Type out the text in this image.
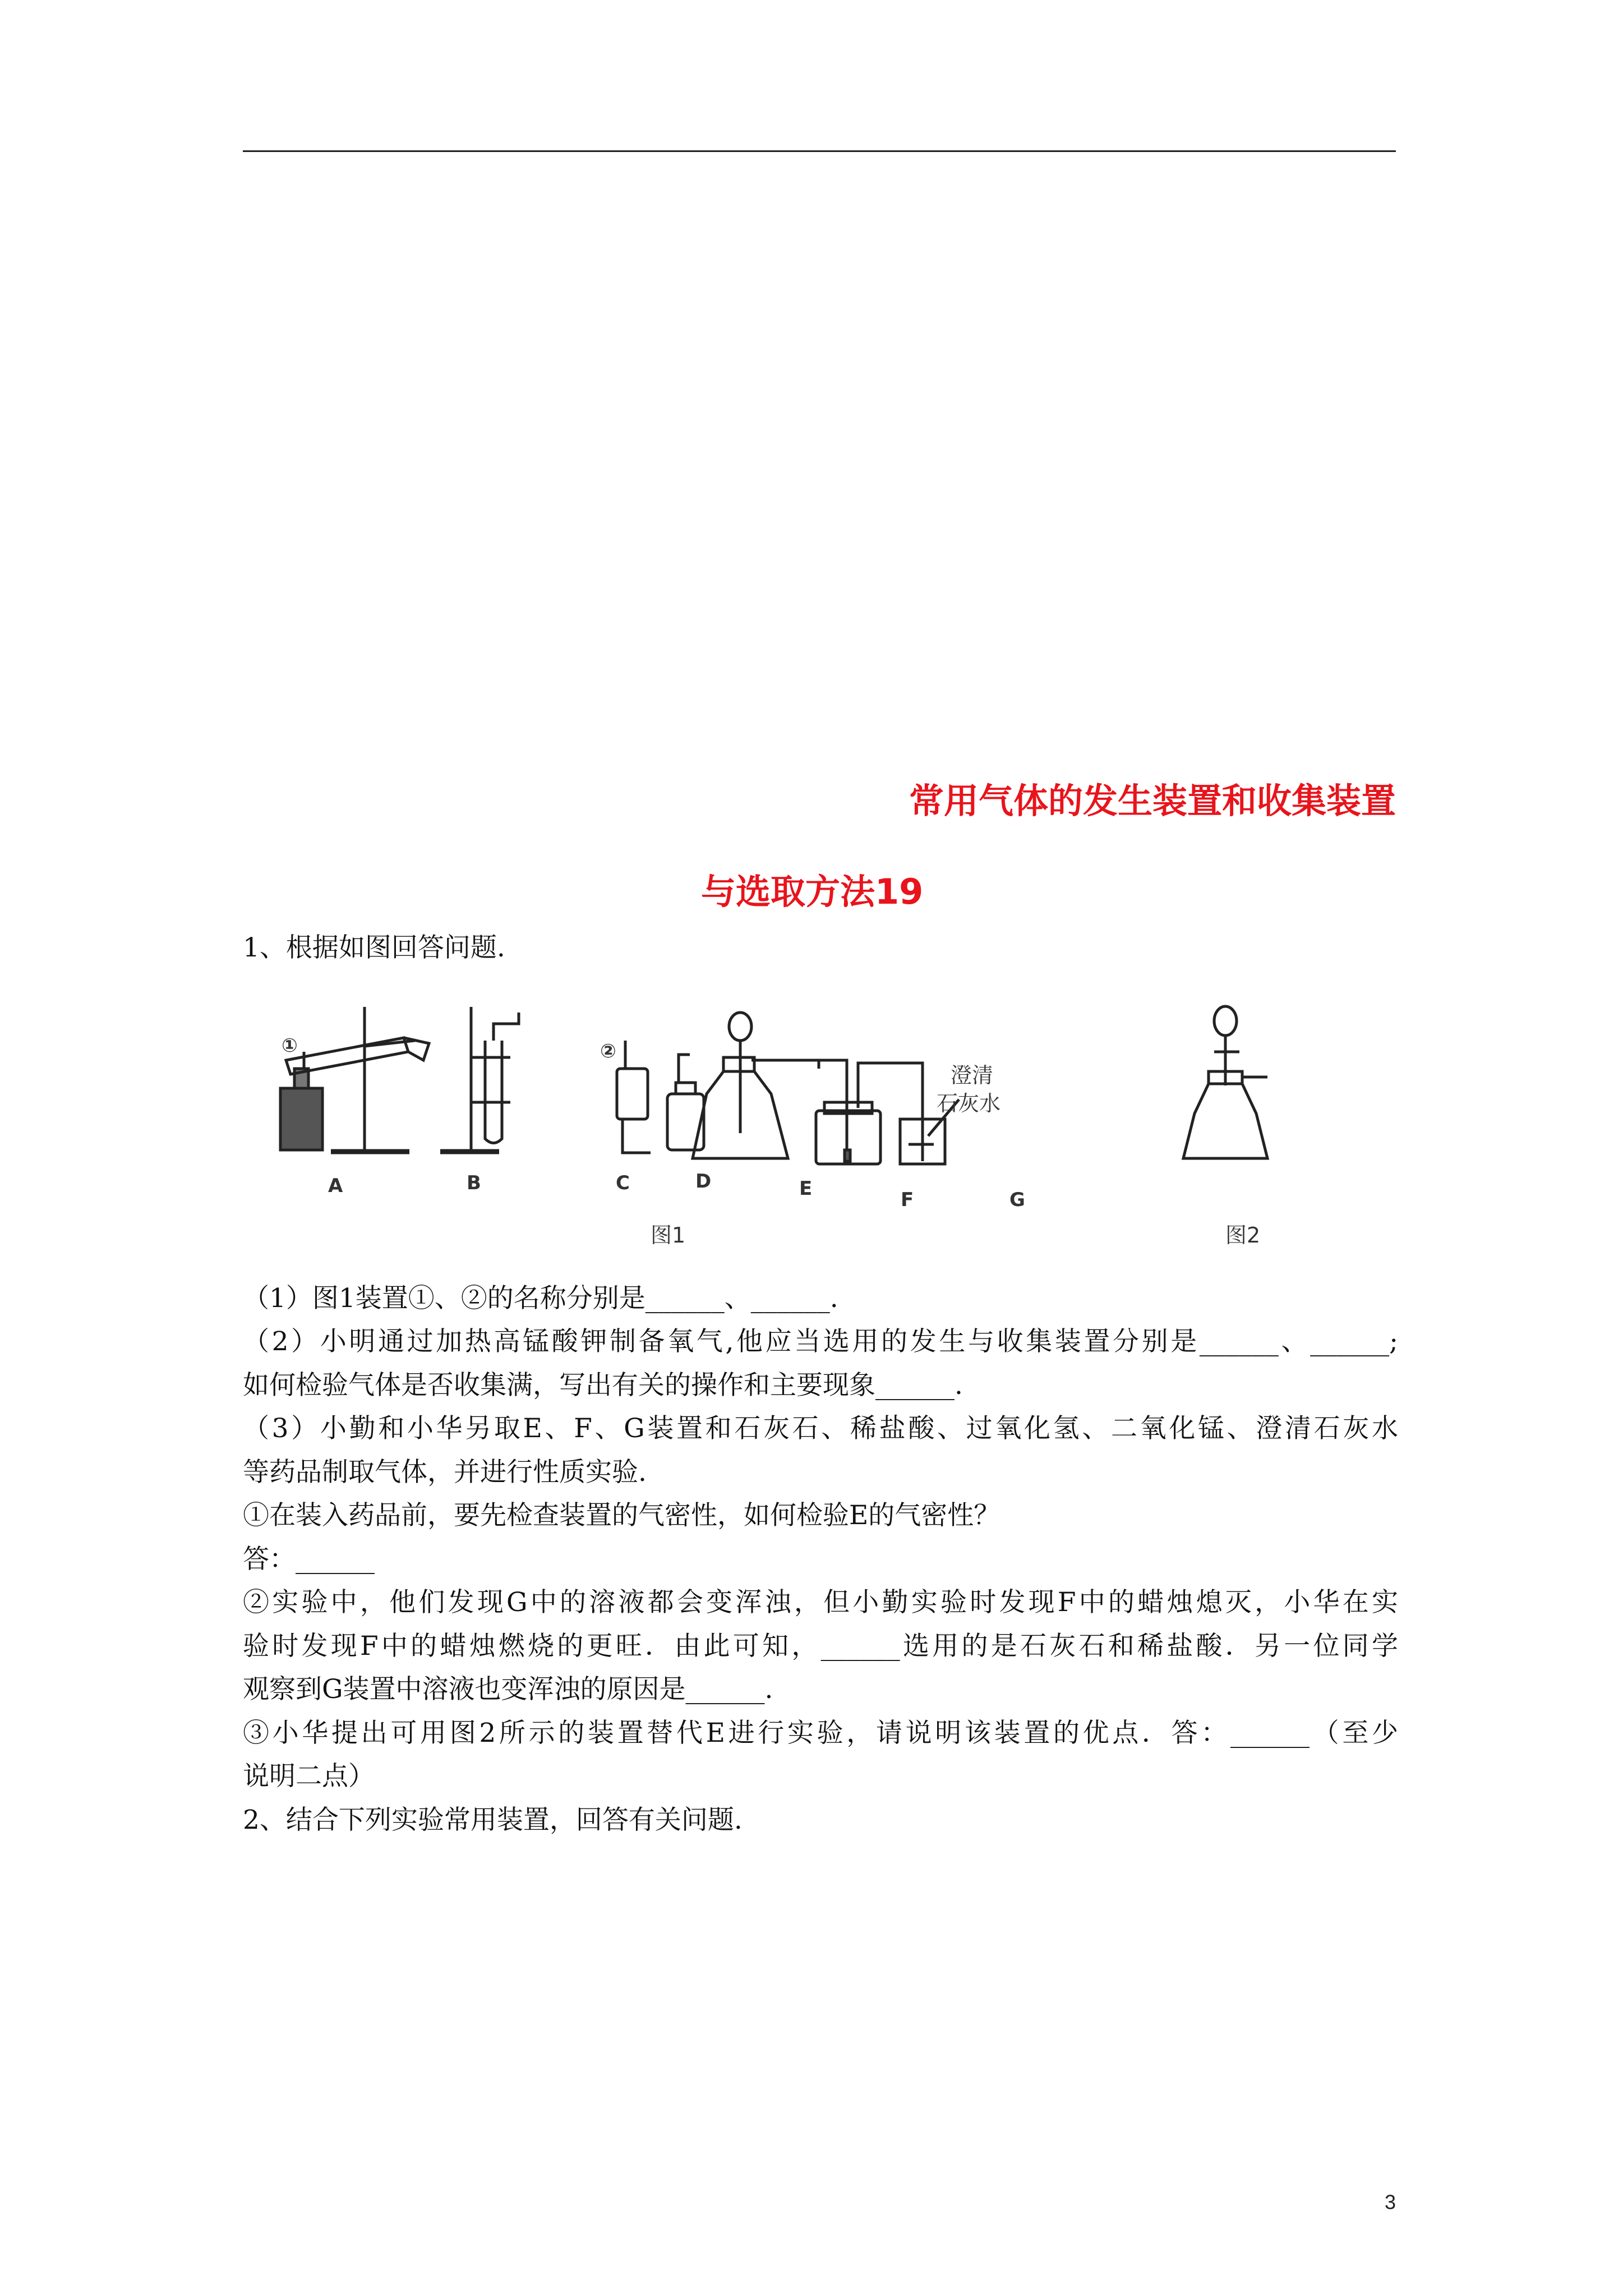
常用气体的发生装置和收集装置
与选取方法19
1、根据如图回答问题.
①	②
A	B	C	D	E	F	G
澄清
石灰水
图1	图2
（1）图1装置①、②的名称分别是______、______.
（2）小明通过加热高锰酸钾制备氧气,他应当选用的发生与收集装置分别是______、______;
如何检验气体是否收集满，写出有关的操作和主要现象______.
（3）小勤和小华另取E、F、G装置和石灰石、稀盐酸、过氧化氢、二氧化锰、澄清石灰水
等药品制取气体，并进行性质实验.
①在装入药品前，要先检查装置的气密性，如何检验E的气密性？
答：______
②实验中，他们发现G中的溶液都会变浑浊，但小勤实验时发现F中的蜡烛熄灭，小华在实
验时发现F中的蜡烛燃烧的更旺．由此可知，______选用的是石灰石和稀盐酸．另一位同学
观察到G装置中溶液也变浑浊的原因是______.
③小华提出可用图2所示的装置替代E进行实验，请说明该装置的优点．答：______（至少
说明二点）
2、结合下列实验常用装置，回答有关问题.
3
